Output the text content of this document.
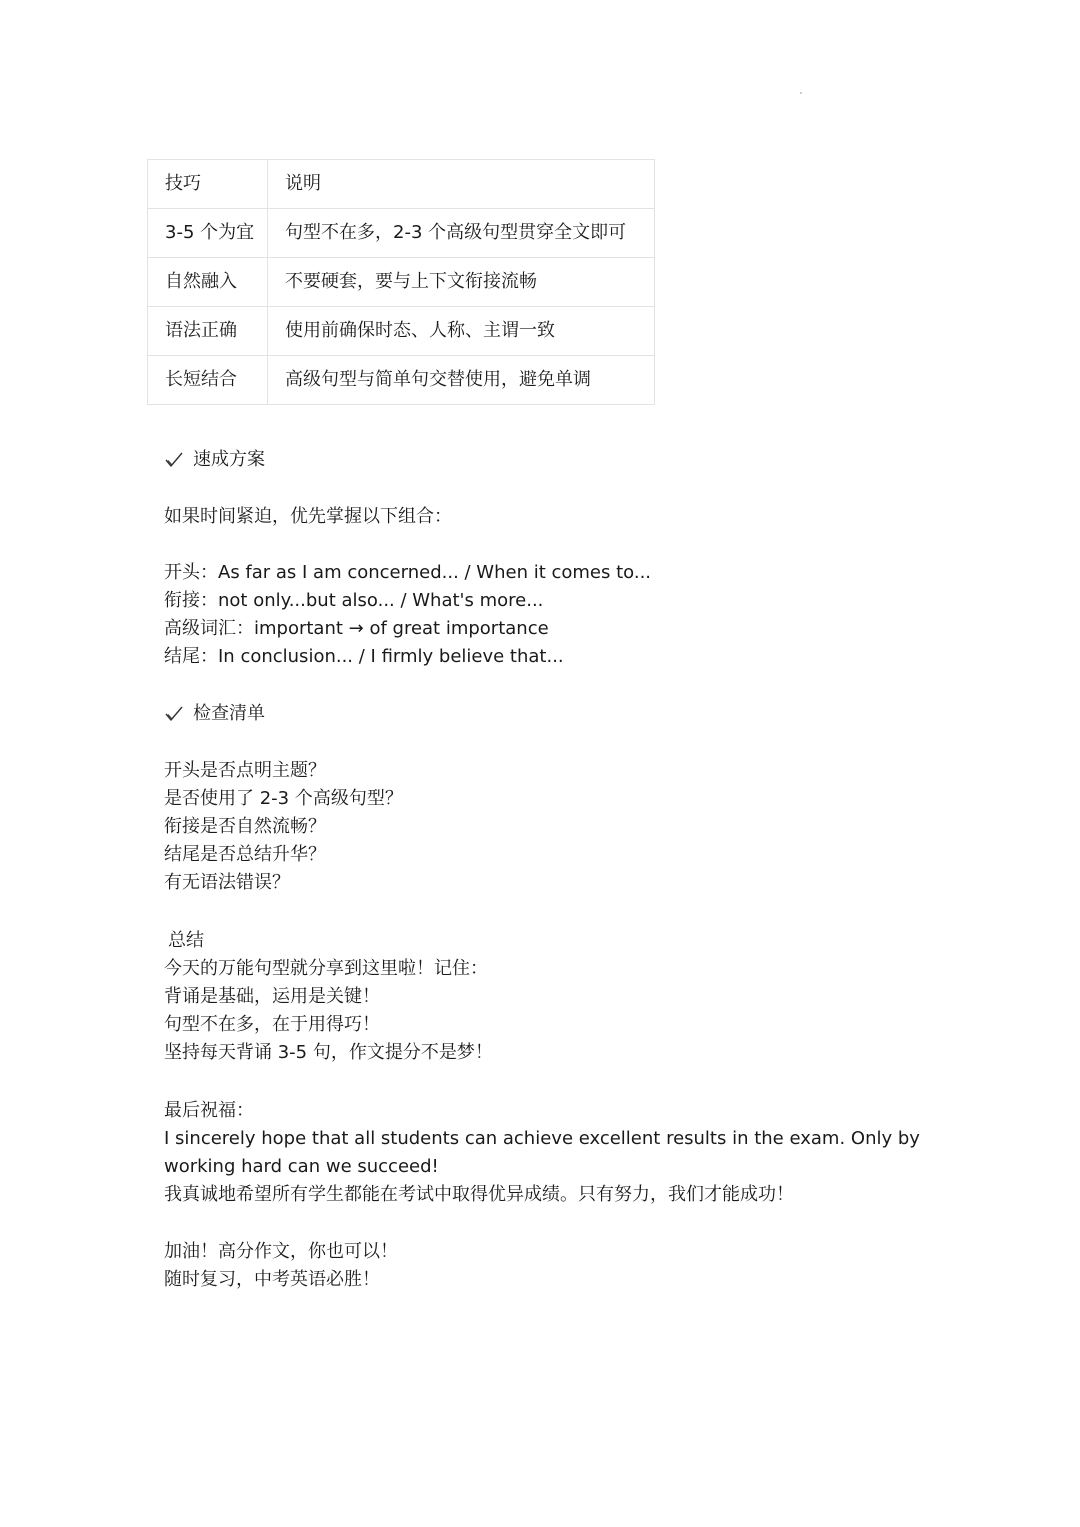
技巧	说明
3-5 个为宜	句型不在多，2-3 个高级句型贯穿全文即可
自然融入	不要硬套，要与上下文衔接流畅
语法正确	使用前确保时态、人称、主谓一致
长短结合	高级句型与简单句交替使用，避免单调
速成方案
如果时间紧迫，优先掌握以下组合：
开头：As far as I am concerned... / When it comes to...
衔接：not only...but also... / What's more...
高级词汇：important → of great importance
结尾：In conclusion... / I firmly believe that...
检查清单
开头是否点明主题？
是否使用了 2-3 个高级句型？
衔接是否自然流畅？
结尾是否总结升华？
有无语法错误？
总结
今天的万能句型就分享到这里啦！记住：
背诵是基础，运用是关键！
句型不在多，在于用得巧！
坚持每天背诵 3-5 句，作文提分不是梦！
最后祝福：
I sincerely hope that all students can achieve excellent results in the exam. Only by working hard can we succeed!
我真诚地希望所有学生都能在考试中取得优异成绩。只有努力，我们才能成功！
加油！高分作文，你也可以！
随时复习，中考英语必胜！
